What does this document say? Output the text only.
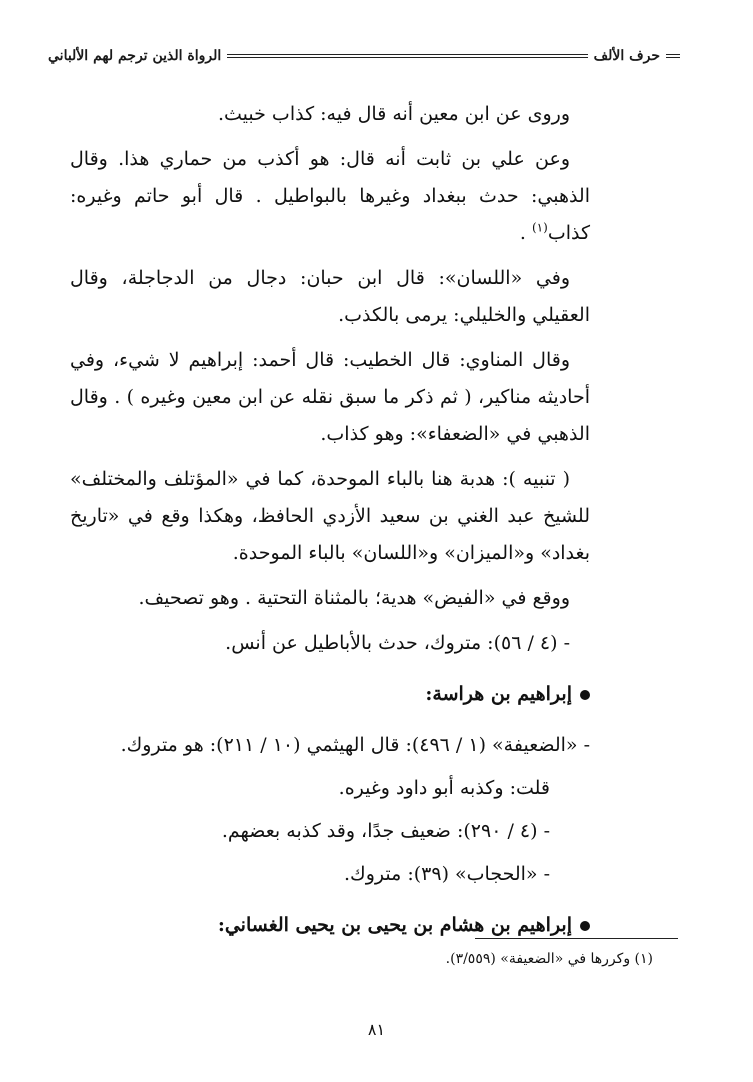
حرف الألف
الرواة الذين ترجم لهم الألباني

وروى عن ابن معين أنه قال فيه: كذاب خبيث.

وعن علي بن ثابت أنه قال: هو أكذب من حماري هذا. وقال الذهبي: حدث ببغداد وغيرها بالبواطيل . قال أبو حاتم وغيره: كذاب$^{(١)}$ .

وفي «اللسان»: قال ابن حبان: دجال من الدجاجلة، وقال العقيلي والخليلي: يرمى بالكذب.

وقال المناوي: قال الخطيب: قال أحمد: إبراهيم لا شيء، وفي أحاديثه مناكير، ( ثم ذكر ما سبق نقله عن ابن معين وغيره ) . وقال الذهبي في «الضعفاء»: وهو كذاب.

( تنبيه ): هدبة هنا بالباء الموحدة، كما في «المؤتلف والمختلف» للشيخ عبد الغني بن سعيد الأزدي الحافظ، وهكذا وقع في «تاريخ بغداد» و«الميزان» و«اللسان» بالباء الموحدة.

ووقع في «الفيض» هدية؛ بالمثناة التحتية . وهو تصحيف.

- (٤ / ٥٦): متروك، حدث بالأباطيل عن أنس.

إبراهيم بن هراسة:

- «الضعيفة» (١ / ٤٩٦): قال الهيثمي (١٠ / ٢١١): هو متروك.

قلت: وكذبه أبو داود وغيره.

- (٤ / ٢٩٠): ضعيف جدًا، وقد كذبه بعضهم.

- «الحجاب» (٣٩): متروك.

إبراهيم بن هشام بن يحيى بن يحيى الغساني:
(١) وكررها في «الضعيفة» (٣/٥٥٩).
٨١
